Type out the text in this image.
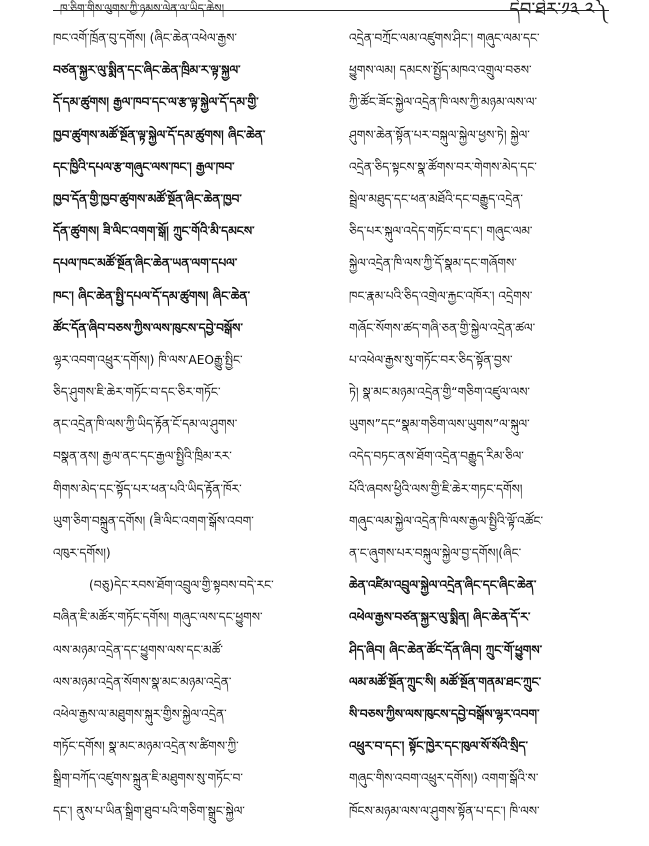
ཁ་ཅིག་གིས་ལུགས་ཀྱི་ཉམས་ལེན་ལ་ཡིད་ཆེས།	དེབ་ཐེར་༡༣ ༢༽
ཁང་འགོ་ཁྲོན་བུ་དགོས། (ཞིང་ཆེན་འཕེལ་རྒྱས་
བཙན་སྐྱར་ལུ་སྨིན་དང་ཞིང་ཆེན་ཁྲིམ་ར་ལྟ་སྐྱལ་
དོ་དམ་ཚུགས། རྒྱལ་ཁབ་དང་ལ་རྩ་ལྟ་སྐྱེལ་དོ་དམ་གྱི་
ཁྱབ་ཚུགས་མཚོ་སྔོན་ལྟ་སྐྱེལ་དོ་དམ་ཚུགས། ཞིང་ཆེན་
དང་ཁྱིའི་དཔལ་རྩ་གཞུང་ལས་ཁང་། རྒྱལ་ཁབ་
ཁྱབ་དོན་གྱི་ཁྱབ་ཚུགས་མཚོ་སྔོན་ཞིང་ཆེན་ཁྱབ་
དོན་ཚུགས། ཟི་ལིང་འགག་སྒོ། ཀྲུང་གོའི་མི་དམངས་
དཔལ་ཁང་མཚོ་སྔོན་ཞིང་ཆེན་ཡན་ལག་དཔལ་
ཁང་། ཞིང་ཆེན་སྤྱི་དཔལ་དོ་དམ་ཚུགས། ཞིང་ཆེན་
ཚོང་དོན་ཞིབ་བཅས་ཀྱིས་ལས་ཁུངས་དབྱེ་བསྒོས་
ལྷར་འབག་འཕྲུར་དགོས།) ཁི་ལས་AEOརྒྱུ་སྤྱིང་
ཅིད་ཤུགས་ཇི་ཆེར་གཏོང་བ་དང་ཅིར་གཏོང་
ནང་འདྲེན་ཁི་ལས་ཀྱི་ཡིད་རྟོན་ངོ་དམ་ལ་ཤུགས་
བསྣན་ནས། རྒྱལ་ནང་དང་རྒྱལ་སྤྱིའི་ཁྲིམ་རར་
གིགས་མེད་དང་སྟོད་པར་ཕན་པའི་ཡིད་རྟོན་ཁོར་
ཡུག་ཅིག་བསྐྲུན་དགོས། (ཟི་ལིང་འགག་སྒོས་འབག་
འཁུར་དགོས།)
(བཅུ)དེང་རབས་ཐོག་འབྲུལ་གྱི་སྟབས་བདེ་རང་
བཞིན་ཇི་མཚོར་གཏོང་དགོས། གཞུང་ལས་དང་ཕྱུགས་
ལས་མཉམ་འདྲེན་དང་ཕྱུགས་ལས་དང་མཚོ་
ལས་མཉམ་འདྲེན་སོགས་སྣ་མང་མཉམ་འདྲེན་
འཕེལ་རྒྱས་ལ་མཐུགས་སྐུར་གྱིས་སྐྱེལ་འདྲེན་
གཏོང་དགོས། སྣ་མང་མཉམ་འདྲེན་ས་ཚིགས་ཀྱི་
སྒྲིག་བཀོད་འཛུགས་སྐྲུན་ཇི་མཐུགས་སུ་གཏོང་བ་
དང་། ནུས་པ་ཡིན་སྒྲིག་ཐུབ་པའི་གཅིག་སྒྲུང་སྐྱེལ་
འདྲེན་བཀྲོང་ལམ་འཛུགས་ཤིང་། གཞུང་ལམ་དང་
ཕྱུགས་ལམ། དམངས་སྤྱོད་མཁའ་འགྲུལ་བཅས་
ཀྱི་ཚོང་ཟོང་སྐྱེལ་འདྲེན་ཁི་ལས་ཀྱི་མཉམ་ལས་ལ་
ཤུགས་ཆེན་སྟོན་པར་བསྐུལ་སྐྱེལ་ཕྱས་ཏེ། སྐྱེལ་
འདྲེན་ཅིད་སྟངས་སྣ་ཚོགས་བར་གེགས་མེད་དང་
སྦྲེལ་མཐུད་དང་ཕན་མཐོའི་དང་བརྒྱུད་འདྲེན་
ཅིད་པར་སྐུལ་འདེད་གཏོང་བ་དང་། གཞུང་ལམ་
སྐྱེལ་འདྲེན་ཁི་ལས་ཀྱི་དོ་སྣམ་དང་གཞོགས་
ཁང་རྣམ་པའི་ཅིད་འགྲེལ་རྐྱང་འཁོར་། འདྲེགས་
གཞོང་སོགས་ཚད་གཞི་ཅན་གྱི་སྐྱེལ་འདྲེན་ཚལ་
པ་འཕེལ་རྒྱས་སུ་གཏོང་བར་ཅིད་སྟོན་བྱས་
ཏེ། སྣ་མང་མཉམ་འདྲེན་གྱི“གཅིག་འཛུལ་ལས་
ཡུགས”དང“སྣམ་གཅིག་ལས་ཡུགས”ལ་སྐུལ་
འདེད་བཏང་ནས་ཐོག་འདྲེན་བརྒྱུད་རིམ་ཅིལ་
པོའི་ཞབས་ཕྱིའི་ལས་གྱི་ཇི་ཆེར་གཏང་དགོས།
གཞུང་ལམ་སྐྱེལ་འདྲེན་ཁི་ལས་རྒྱལ་སྤྱིའི་ལྟོ་འཚོང་
ན་ང་ཞུགས་པར་བསྐུལ་སྐྱེལ་བྱ་དགོས།(ཞིང་
ཆེན་འཛིམ་འབྲུལ་སྐྱེལ་འདྲེན་ཞིང་དང་ཞིང་ཆེན་
འཕེལ་རྒྱས་བཙན་སྐྱར་ལུ་སྨིན། ཞིང་ཆེན་དོ་ར་
ཤིད་ཞིབ། ཞིང་ཆེན་ཚོང་དོན་ཞིབ། ཀྲུང་གོ་ཕྱུགས་
ལམ་མཚོ་སྔོན་ཀྲུང་སི། མཚོ་སྔོན་གནམ་ཐང་ཀྲུང་
སི་བཅས་ཀྱིས་ལས་ཁུངས་དབྱེ་བསྒོས་ལྷར་འབག་
འཕྲུར་བ་དང་། སྟོང་ཁྱེར་དང་ཁུལ་སོ་སོའི་སྲིད་
གཞུང་གིས་འབག་འཕྲུར་དགོས།) འགག་སྒོའི་ས་
ཁོངས་མཉམ་ལས་ལ་ཤུགས་སྟོན་པ་དང་། ཁི་ལས་
